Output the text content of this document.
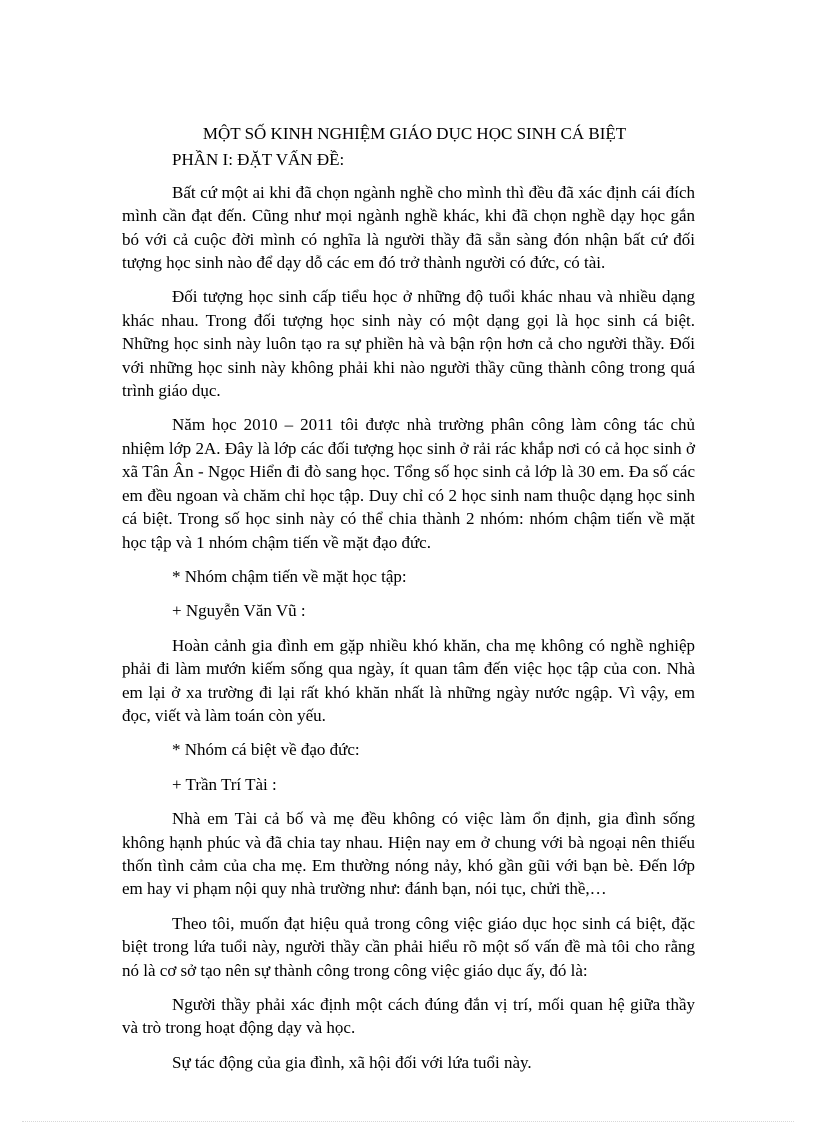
MỘT SỐ KINH NGHIỆM GIÁO DỤC HỌC SINH CÁ BIỆT

PHẦN I: ĐẶT VẤN ĐỀ:

Bất cứ một ai khi đã chọn ngành nghề cho mình thì đều đã xác định cái đích mình cần đạt đến. Cũng như mọi ngành nghề khác, khi đã chọn nghề dạy học gắn bó với cả cuộc đời mình có nghĩa là người thầy đã sẵn sàng đón nhận bất cứ đối tượng học sinh nào để dạy dỗ các em đó trở thành người có đức, có tài.

Đối tượng học sinh cấp tiểu học ở những độ tuổi khác nhau và nhiều dạng khác nhau. Trong đối tượng học sinh này có một dạng gọi là học sinh cá biệt. Những học sinh này luôn tạo ra sự phiền hà và bận rộn hơn cả cho người thầy. Đối với những học sinh này không phải khi nào người thầy cũng thành công trong quá trình giáo dục.

Năm học 2010 – 2011 tôi được nhà trường phân công làm công tác chủ nhiệm lớp 2A. Đây là lớp các đối tượng học sinh ở rải rác khắp nơi có cả học sinh ở xã Tân Ân - Ngọc Hiển đi đò sang học. Tổng số học sinh cả lớp là 30 em. Đa số các em đều ngoan và chăm chỉ học tập. Duy chỉ có 2 học sinh nam thuộc dạng học sinh cá biệt. Trong số học sinh này có thể chia thành 2 nhóm: nhóm chậm tiến về mặt học tập và 1 nhóm chậm tiến về mặt đạo đức.

* Nhóm chậm tiến về mặt học tập:

+ Nguyễn Văn Vũ :

Hoàn cảnh gia đình em gặp nhiều khó khăn, cha mẹ không có nghề nghiệp phải đi làm mướn kiếm sống qua ngày, ít quan tâm đến việc học tập của con. Nhà em lại ở xa trường đi lại rất khó khăn nhất là những ngày nước ngập. Vì vậy, em đọc, viết và làm toán còn yếu.

* Nhóm cá biệt về đạo đức:

+ Trần Trí Tài :

Nhà em Tài cả bố và mẹ đều không có việc làm ổn định, gia đình sống không hạnh phúc và đã chia tay nhau. Hiện nay em ở chung với bà ngoại nên thiếu thốn tình cảm của cha mẹ. Em thường nóng nảy, khó gần gũi với bạn bè. Đến lớp em hay vi phạm nội quy nhà trường như: đánh bạn, nói tục, chửi thề,…

Theo tôi, muốn đạt hiệu quả trong công việc giáo dục học sinh cá biệt, đặc biệt trong lứa tuổi này, người thầy cần phải hiểu rõ một số vấn đề mà tôi cho rằng nó là cơ sở tạo nên sự thành công trong công việc giáo dục ấy, đó là:

Người thầy phải xác định một cách đúng đắn vị trí, mối quan hệ giữa thầy và trò trong hoạt động dạy và học.

Sự tác động của gia đình, xã hội đối với lứa tuổi này.
